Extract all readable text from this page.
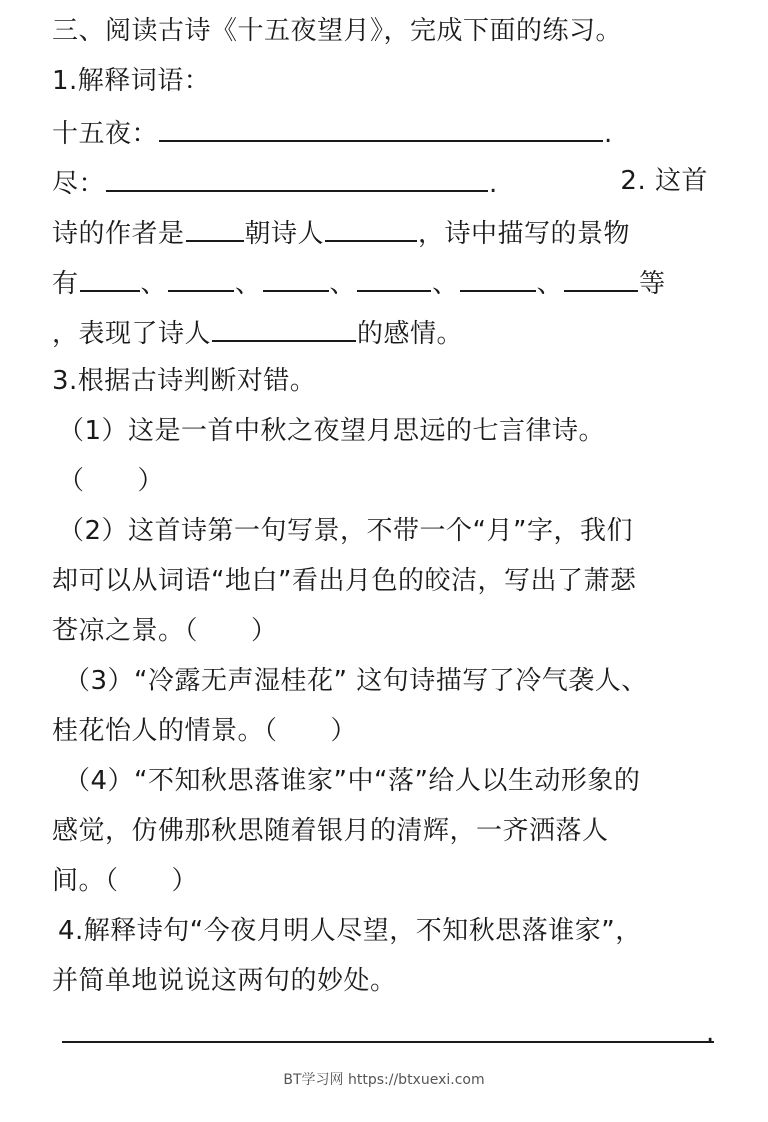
三、阅读古诗《十五夜望月》，完成下面的练习。
1.解释词语：
十五夜：	.
尽：	.	2. 这首
诗的作者是 朝诗人	，诗中描写的景物
有 、	、	、	、	、	等
，表现了诗人	的感情。
3.根据古诗判断对错。
（1）这是一首中秋之夜望月思远的七言律诗。
（　　）
（2）这首诗第一句写景，不带一个“月”字，我们
却可以从词语“地白”看出月色的皎洁，写出了萧瑟
苍凉之景。（　　）
（3）“冷露无声湿桂花” 这句诗描写了冷气袭人、
桂花怡人的情景。（　　）
（4）“不知秋思落谁家”中“落”给人以生动形象的
感觉，仿佛那秋思随着银月的清辉，一齐洒落人
间。（　　）
4.解释诗句“今夜月明人尽望，不知秋思落谁家”，
并简单地说说这两句的妙处。
.
BT学习网 https://btxuexi.com
